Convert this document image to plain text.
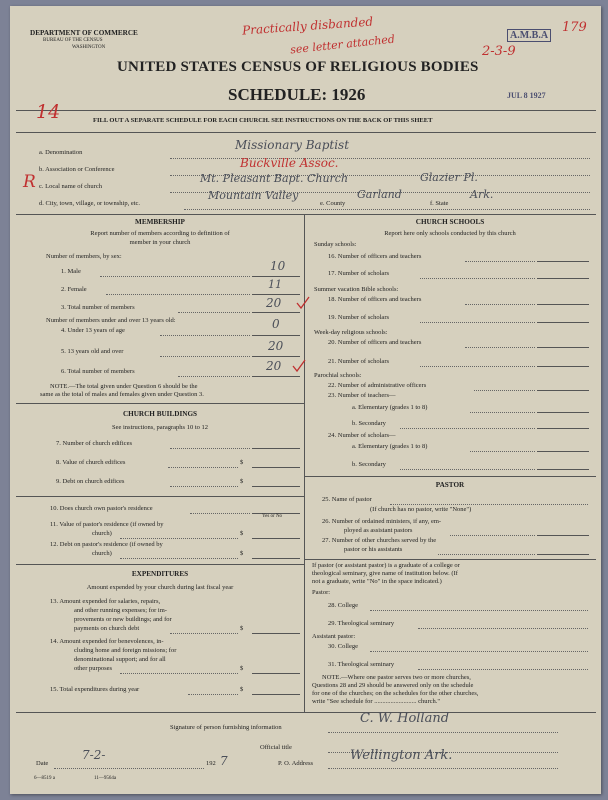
DEPARTMENT OF COMMERCE
BUREAU OF THE CENSUS
WASHINGTON
UNITED STATES CENSUS OF RELIGIOUS BODIES
SCHEDULE: 1926
FILL OUT A SEPARATE SCHEDULE FOR EACH CHURCH. SEE INSTRUCTIONS ON THE BACK OF THIS SHEET
Practically disbanded
see letter attached	A.M.B.A
179
2-3-9
JUL 8 1927
14
R
a. Denomination
Missionary Baptist
b. Association or Conference	Buckville Assoc.
c. Local name of church
Mt. Pleasant Bapt. Church	Glazier Pl.
d. City, town, village, or township, etc.
Mountain Valley
e. County
Garland
f. State
Ark.
MEMBERSHIP
Report number of members according to definition of
member in your church
Number of members, by sex:
1. Male	10
2. Female	11
3. Total number of members	20
Number of members under and over 13 years old:
4. Under 13 years of age	0
5. 13 years old and over	20
6. Total number of members	20
NOTE.—The total given under Question 6 should be the
same as the total of males and females given under Question 3.
CHURCH BUILDINGS
See instructions, paragraphs 10 to 12
7. Number of church edifices
8. Value of church edifices	$
9. Debt on church edifices	$
10. Does church own pastor's residence
Yes or No
11. Value of pastor's residence (if owned by
church)	$
12. Debt on pastor's residence (if owned by
church)	$
EXPENDITURES
Amount expended by your church during last fiscal year
13. Amount expended for salaries, repairs,
and other running expenses; for im-
provements or new buildings; and for
payments on church debt	$
14. Amount expended for benevolences, in-
cluding home and foreign missions; for
denominational support; and for all
other purposes	$
15. Total expenditures during year	$
CHURCH SCHOOLS
Report here only schools conducted by this church
Sunday schools:
16. Number of officers and teachers
17. Number of scholars
Summer vacation Bible schools:
18. Number of officers and teachers
19. Number of scholars
Week-day religious schools:
20. Number of officers and teachers
21. Number of scholars
Parochial schools:
22. Number of administrative officers
23. Number of teachers—
a. Elementary (grades 1 to 8)
b. Secondary
24. Number of scholars—
a. Elementary (grades 1 to 8)
b. Secondary
PASTOR
25. Name of pastor
(If church has no pastor, write "None")
26. Number of ordained ministers, if any, em-
ployed as assistant pastors
27. Number of other churches served by the
pastor or his assistants
If pastor (or assistant pastor) is a graduate of a college or
theological seminary, give name of institution below. (If
not a graduate, write "No" in the space indicated.)
Pastor:
28. College
29. Theological seminary
Assistant pastor:
30. College
31. Theological seminary
NOTE.—Where one pastor serves two or more churches,
Questions 28 and 29 should be answered only on the schedule
for one of the churches; on the schedules for the other churches,
write "See schedule for .......................... church."
Signature of person furnishing information
C. W. Holland
Official title
Date
7-2-
192 7	P. O. Address
Wellington Ark.
6—8519 a	11—9564a
